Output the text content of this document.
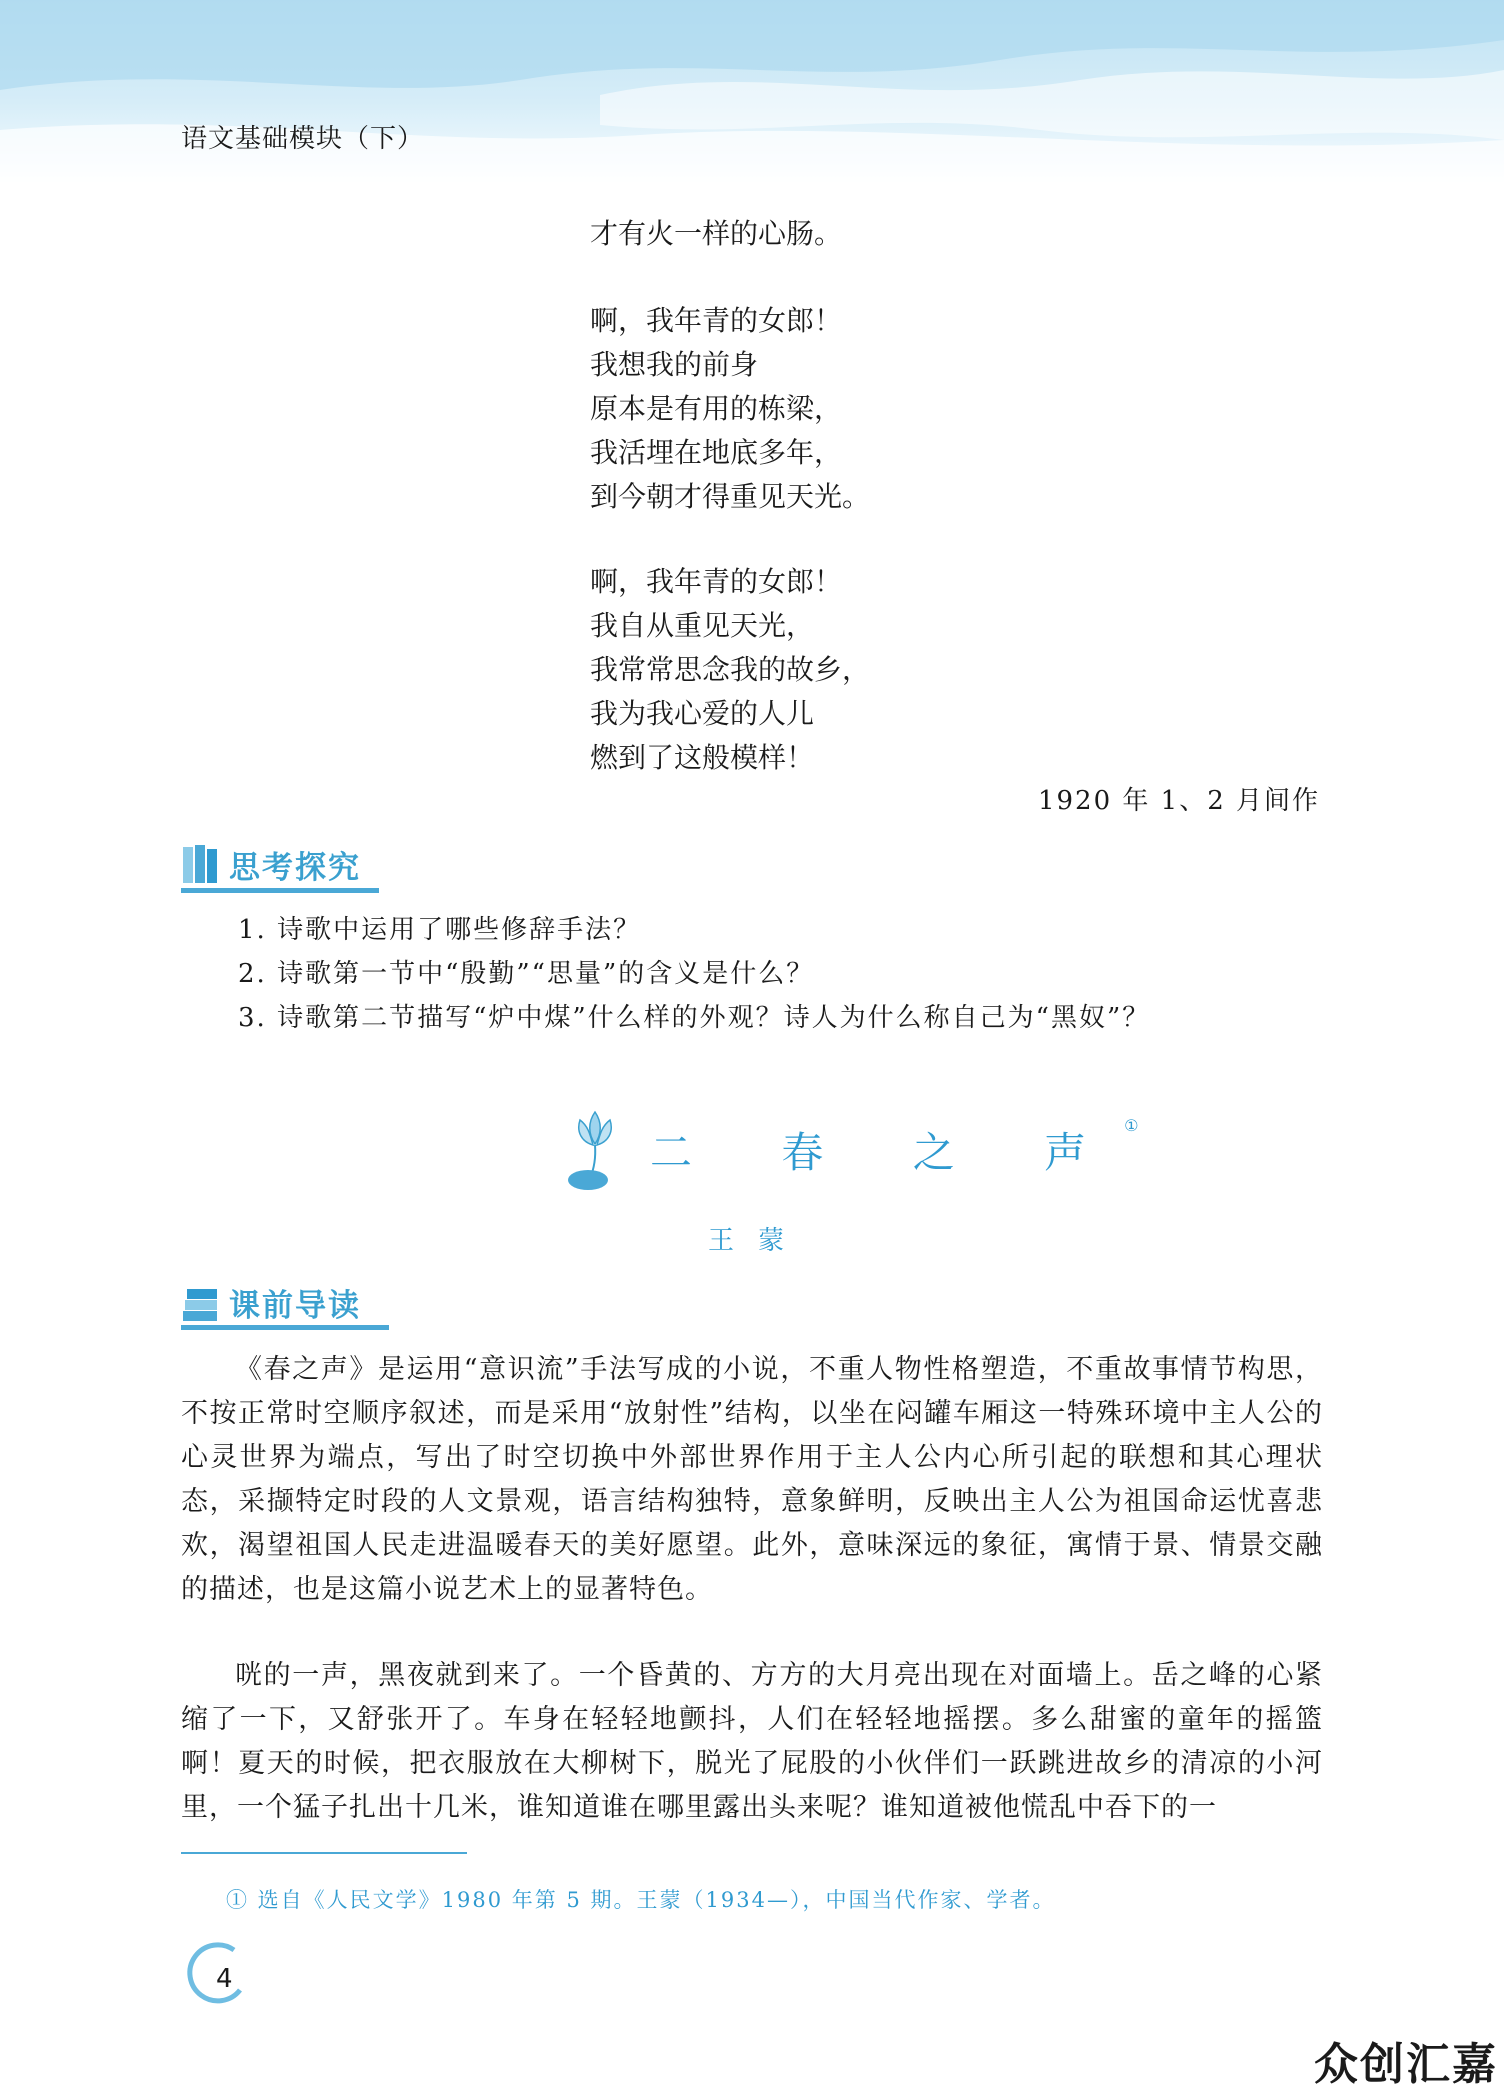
语文基础模块（下）
才有火一样的心肠。
啊，我年青的女郎！
我想我的前身
原本是有用的栋梁，
我活埋在地底多年，
到今朝才得重见天光。
啊，我年青的女郎！
我自从重见天光，
我常常思念我的故乡，
我为我心爱的人儿
燃到了这般模样！
1920 年 1、2 月间作
思考探究
1. 诗歌中运用了哪些修辞手法？
2. 诗歌第一节中“殷勤”“思量”的含义是什么？
3. 诗歌第二节描写“炉中煤”什么样的外观？诗人为什么称自己为“黑奴”？
二 春 之 声①
王蒙
课前导读
《春之声》是运用“意识流”手法写成的小说，不重人物性格塑造，不重故事情节构思，不按正常时空顺序叙述，而是采用“放射性”结构，以坐在闷罐车厢这一特殊环境中主人公的心灵世界为端点，写出了时空切换中外部世界作用于主人公内心所引起的联想和其心理状态，采撷特定时段的人文景观，语言结构独特，意象鲜明，反映出主人公为祖国命运忧喜悲欢，渴望祖国人民走进温暖春天的美好愿望。此外，意味深远的象征，寓情于景、情景交融的描述，也是这篇小说艺术上的显著特色。
咣的一声，黑夜就到来了。一个昏黄的、方方的大月亮出现在对面墙上。岳之峰的心紧缩了一下，又舒张开了。车身在轻轻地颤抖，人们在轻轻地摇摆。多么甜蜜的童年的摇篮啊！夏天的时候，把衣服放在大柳树下，脱光了屁股的小伙伴们一跃跳进故乡的清凉的小河里，一个猛子扎出十几米，谁知道谁在哪里露出头来呢？谁知道被他慌乱中吞下的一
① 选自《人民文学》1980 年第 5 期。王蒙（1934—），中国当代作家、学者。
4
众创汇嘉
